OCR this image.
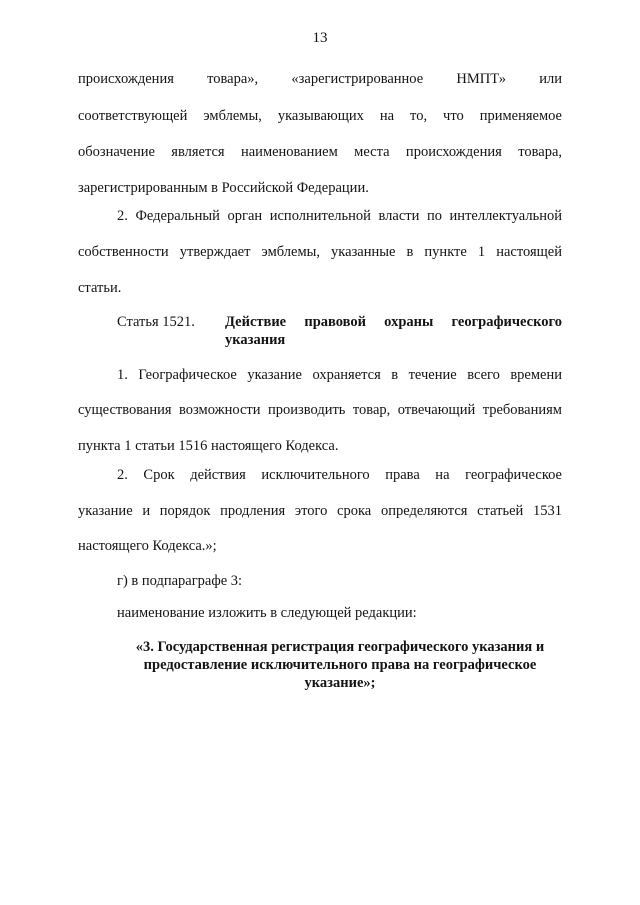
13
происхождения товара», «зарегистрированное НМПТ» или
соответствующей эмблемы, указывающих на то, что применяемое
обозначение является наименованием места происхождения товара,
зарегистрированным в Российской Федерации.
2. Федеральный орган исполнительной власти по интеллектуальной
собственности утверждает эмблемы, указанные в пункте 1 настоящей
статьи.
Статья 1521. Действие правовой охраны географического
указания
1. Географическое указание охраняется в течение всего времени
существования возможности производить товар, отвечающий требованиям
пункта 1 статьи 1516 настоящего Кодекса.
2. Срок действия исключительного права на географическое
указание и порядок продления этого срока определяются статьей 1531
настоящего Кодекса.»;
г) в подпараграфе 3:
наименование изложить в следующей редакции:
«3. Государственная регистрация географического указания и
предоставление исключительного права на географическое
указание»;
